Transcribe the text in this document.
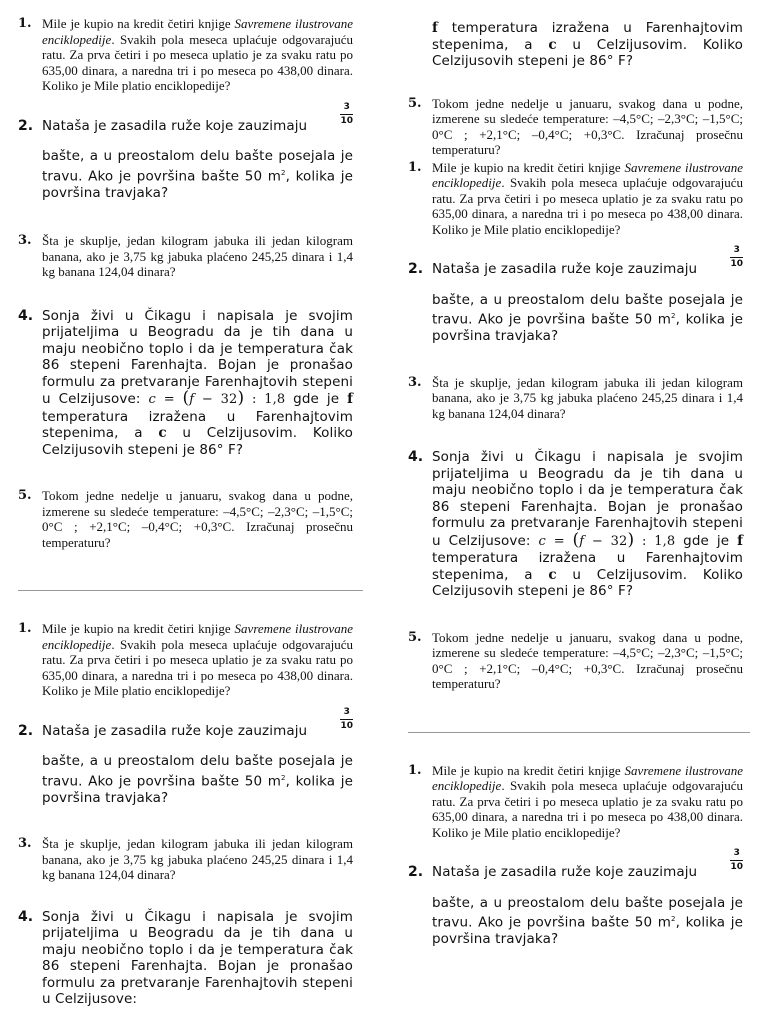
1. Mile je kupio na kredit četiri knjige Savremene ilustrovane enciklopedije. Svakih pola meseca uplaćuje odgovarajuću ratu. Za prva četiri i po meseca uplatio je za svaku ratu po 635,00 dinara, a naredna tri i po meseca po 438,00 dinara. Koliko je Mile platio enciklopedije?

2. Nataša je zasadila ruže koje zauzimaju	$\frac{3}{10}$

bašte, a u preostalom delu bašte posejala je travu. Ako je površina bašte 50 $m^2$, kolika je površina travjaka?

3. Šta je skuplje, jedan kilogram jabuka ili jedan kilogram banana, ako je 3,75 kg jabuka plaćeno 245,25 dinara i 1,4 kg banana 124,04 dinara?

4. Sonja živi u Čikagu i napisala je svojim prijateljima u Beogradu da je tih dana u maju neobično toplo i da je temperatura čak 86 stepeni Farenhajta. Bojan je pronašao formulu za pretvaranje Farenhajtovih stepeni u Celzijusove: c = (f − 32) : 1,8 gde je f temperatura izražena u Farenhajtovim stepenima, a c u Celzijusovim. Koliko Celzijusovih stepeni je 86° F?

5. Tokom jedne nedelje u januaru, svakog dana u podne, izmerene su sledeće temperature: –4,5°C; –2,3°C; –1,5°C; 0°C ; +2,1°C; –0,4°C; +0,3°C. Izračunaj prosečnu temperaturu?

1. Mile je kupio na kredit četiri knjige Savremene ilustrovane enciklopedije. Svakih pola meseca uplaćuje odgovarajuću ratu. Za prva četiri i po meseca uplatio je za svaku ratu po 635,00 dinara, a naredna tri i po meseca po 438,00 dinara. Koliko je Mile platio enciklopedije?

2. Nataša je zasadila ruže koje zauzimaju	$\frac{3}{10}$

bašte, a u preostalom delu bašte posejala je travu. Ako je površina bašte 50 $m^2$, kolika je površina travjaka?

3. Šta je skuplje, jedan kilogram jabuka ili jedan kilogram banana, ako je 3,75 kg jabuka plaćeno 245,25 dinara i 1,4 kg banana 124,04 dinara?

4. Sonja živi u Čikagu i napisala je svojim prijateljima u Beogradu da je tih dana u maju neobično toplo i da je temperatura čak 86 stepeni Farenhajta. Bojan je pronašao formulu za pretvaranje Farenhajtovih stepeni u Celzijusove:

f temperatura izražena u Farenhajtovim stepenima, a c u Celzijusovim. Koliko Celzijusovih stepeni je 86° F?

5. Tokom jedne nedelje u januaru, svakog dana u podne, izmerene su sledeće temperature: –4,5°C; –2,3°C; –1,5°C; 0°C ; +2,1°C; –0,4°C; +0,3°C. Izračunaj prosečnu temperaturu?

1. Mile je kupio na kredit četiri knjige Savremene ilustrovane enciklopedije. Svakih pola meseca uplaćuje odgovarajuću ratu. Za prva četiri i po meseca uplatio je za svaku ratu po 635,00 dinara, a naredna tri i po meseca po 438,00 dinara. Koliko je Mile platio enciklopedije?

2. Nataša je zasadila ruže koje zauzimaju	$\frac{3}{10}$

bašte, a u preostalom delu bašte posejala je travu. Ako je površina bašte 50 $m^2$, kolika je površina travjaka?

3. Šta je skuplje, jedan kilogram jabuka ili jedan kilogram banana, ako je 3,75 kg jabuka plaćeno 245,25 dinara i 1,4 kg banana 124,04 dinara?

4. Sonja živi u Čikagu i napisala je svojim prijateljima u Beogradu da je tih dana u maju neobično toplo i da je temperatura čak 86 stepeni Farenhajta. Bojan je pronašao formulu za pretvaranje Farenhajtovih stepeni u Celzijusove: c = (f − 32) : 1,8 gde je f temperatura izražena u Farenhajtovim stepenima, a c u Celzijusovim. Koliko Celzijusovih stepeni je 86° F?

5. Tokom jedne nedelje u januaru, svakog dana u podne, izmerene su sledeće temperature: –4,5°C; –2,3°C; –1,5°C; 0°C ; +2,1°C; –0,4°C; +0,3°C. Izračunaj prosečnu temperaturu?

1. Mile je kupio na kredit četiri knjige Savremene ilustrovane enciklopedije. Svakih pola meseca uplaćuje odgovarajuću ratu. Za prva četiri i po meseca uplatio je za svaku ratu po 635,00 dinara, a naredna tri i po meseca po 438,00 dinara. Koliko je Mile platio enciklopedije?

2. Nataša je zasadila ruže koje zauzimaju	$\frac{3}{10}$

bašte, a u preostalom delu bašte posejala je travu. Ako je površina bašte 50 $m^2$, kolika je površina travjaka?
